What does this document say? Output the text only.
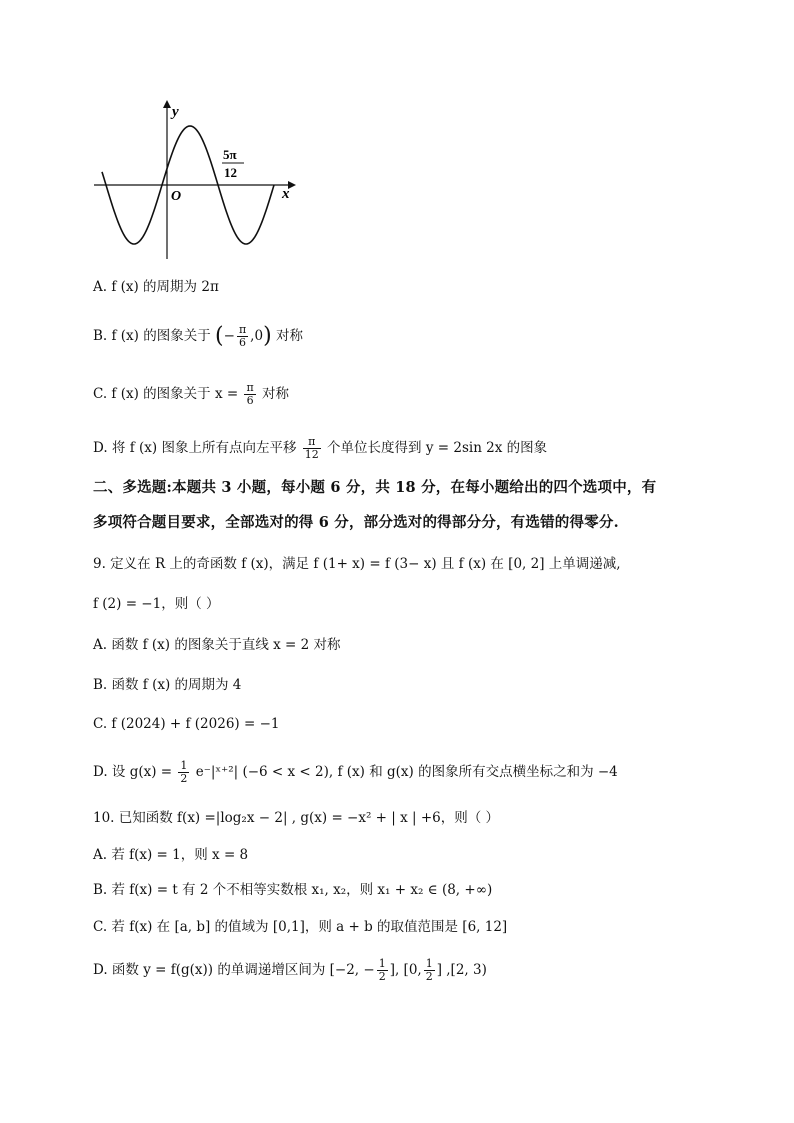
y
x
O
5π
12
A. f (x) 的周期为 2π
B. f (x) 的图象关于 (− $\frac{\pi}{6} ,0$) 对称
C. f (x) 的图象关于 $x = \frac{\pi}{6}$ 对称
D. 将 f (x) 图象上所有点向左平移 $\frac{\pi}{12}$ 个单位长度得到 y = 2sin 2x 的图象
二、多选题:本题共 3 小题，每小题 6 分，共 18 分，在每小题给出的四个选项中，有
多项符合题目要求，全部选对的得 6 分，部分选对的得部分分，有选错的得零分.
9. 定义在 R 上的奇函数 f (x)，满足 f (1+ x) = f (3− x) 且 f (x) 在 [0, 2] 上单调递减,
f (2) = −1，则（ ）
A. 函数 f (x) 的图象关于直线 x = 2 对称
B. 函数 f (x) 的周期为 4
C. f (2024) + f (2026) = −1
D. 设 $g(x) = \frac{1}{2}$ e⁻|ˣ⁺²| (−6 < x < 2), f (x) 和 g(x) 的图象所有交点横坐标之和为 −4
10. 已知函数 f(x) =|log₂x − 2| , g(x) = −x² + | x | +6，则（ ）
A. 若 f(x) = 1，则 x = 8
B. 若 f(x) = t 有 2 个不相等实数根 x₁, x₂，则 x₁ + x₂ ∈ (8, +∞)
C. 若 f(x) 在 [a, b] 的值域为 [0,1]，则 a + b 的取值范围是 [6, 12]
D. 函数 y = f(g(x)) 的单调递增区间为 [−2, − $\frac{1}{2}$ ], [0, $\frac{1}{2}$ ] ,[2, 3)
